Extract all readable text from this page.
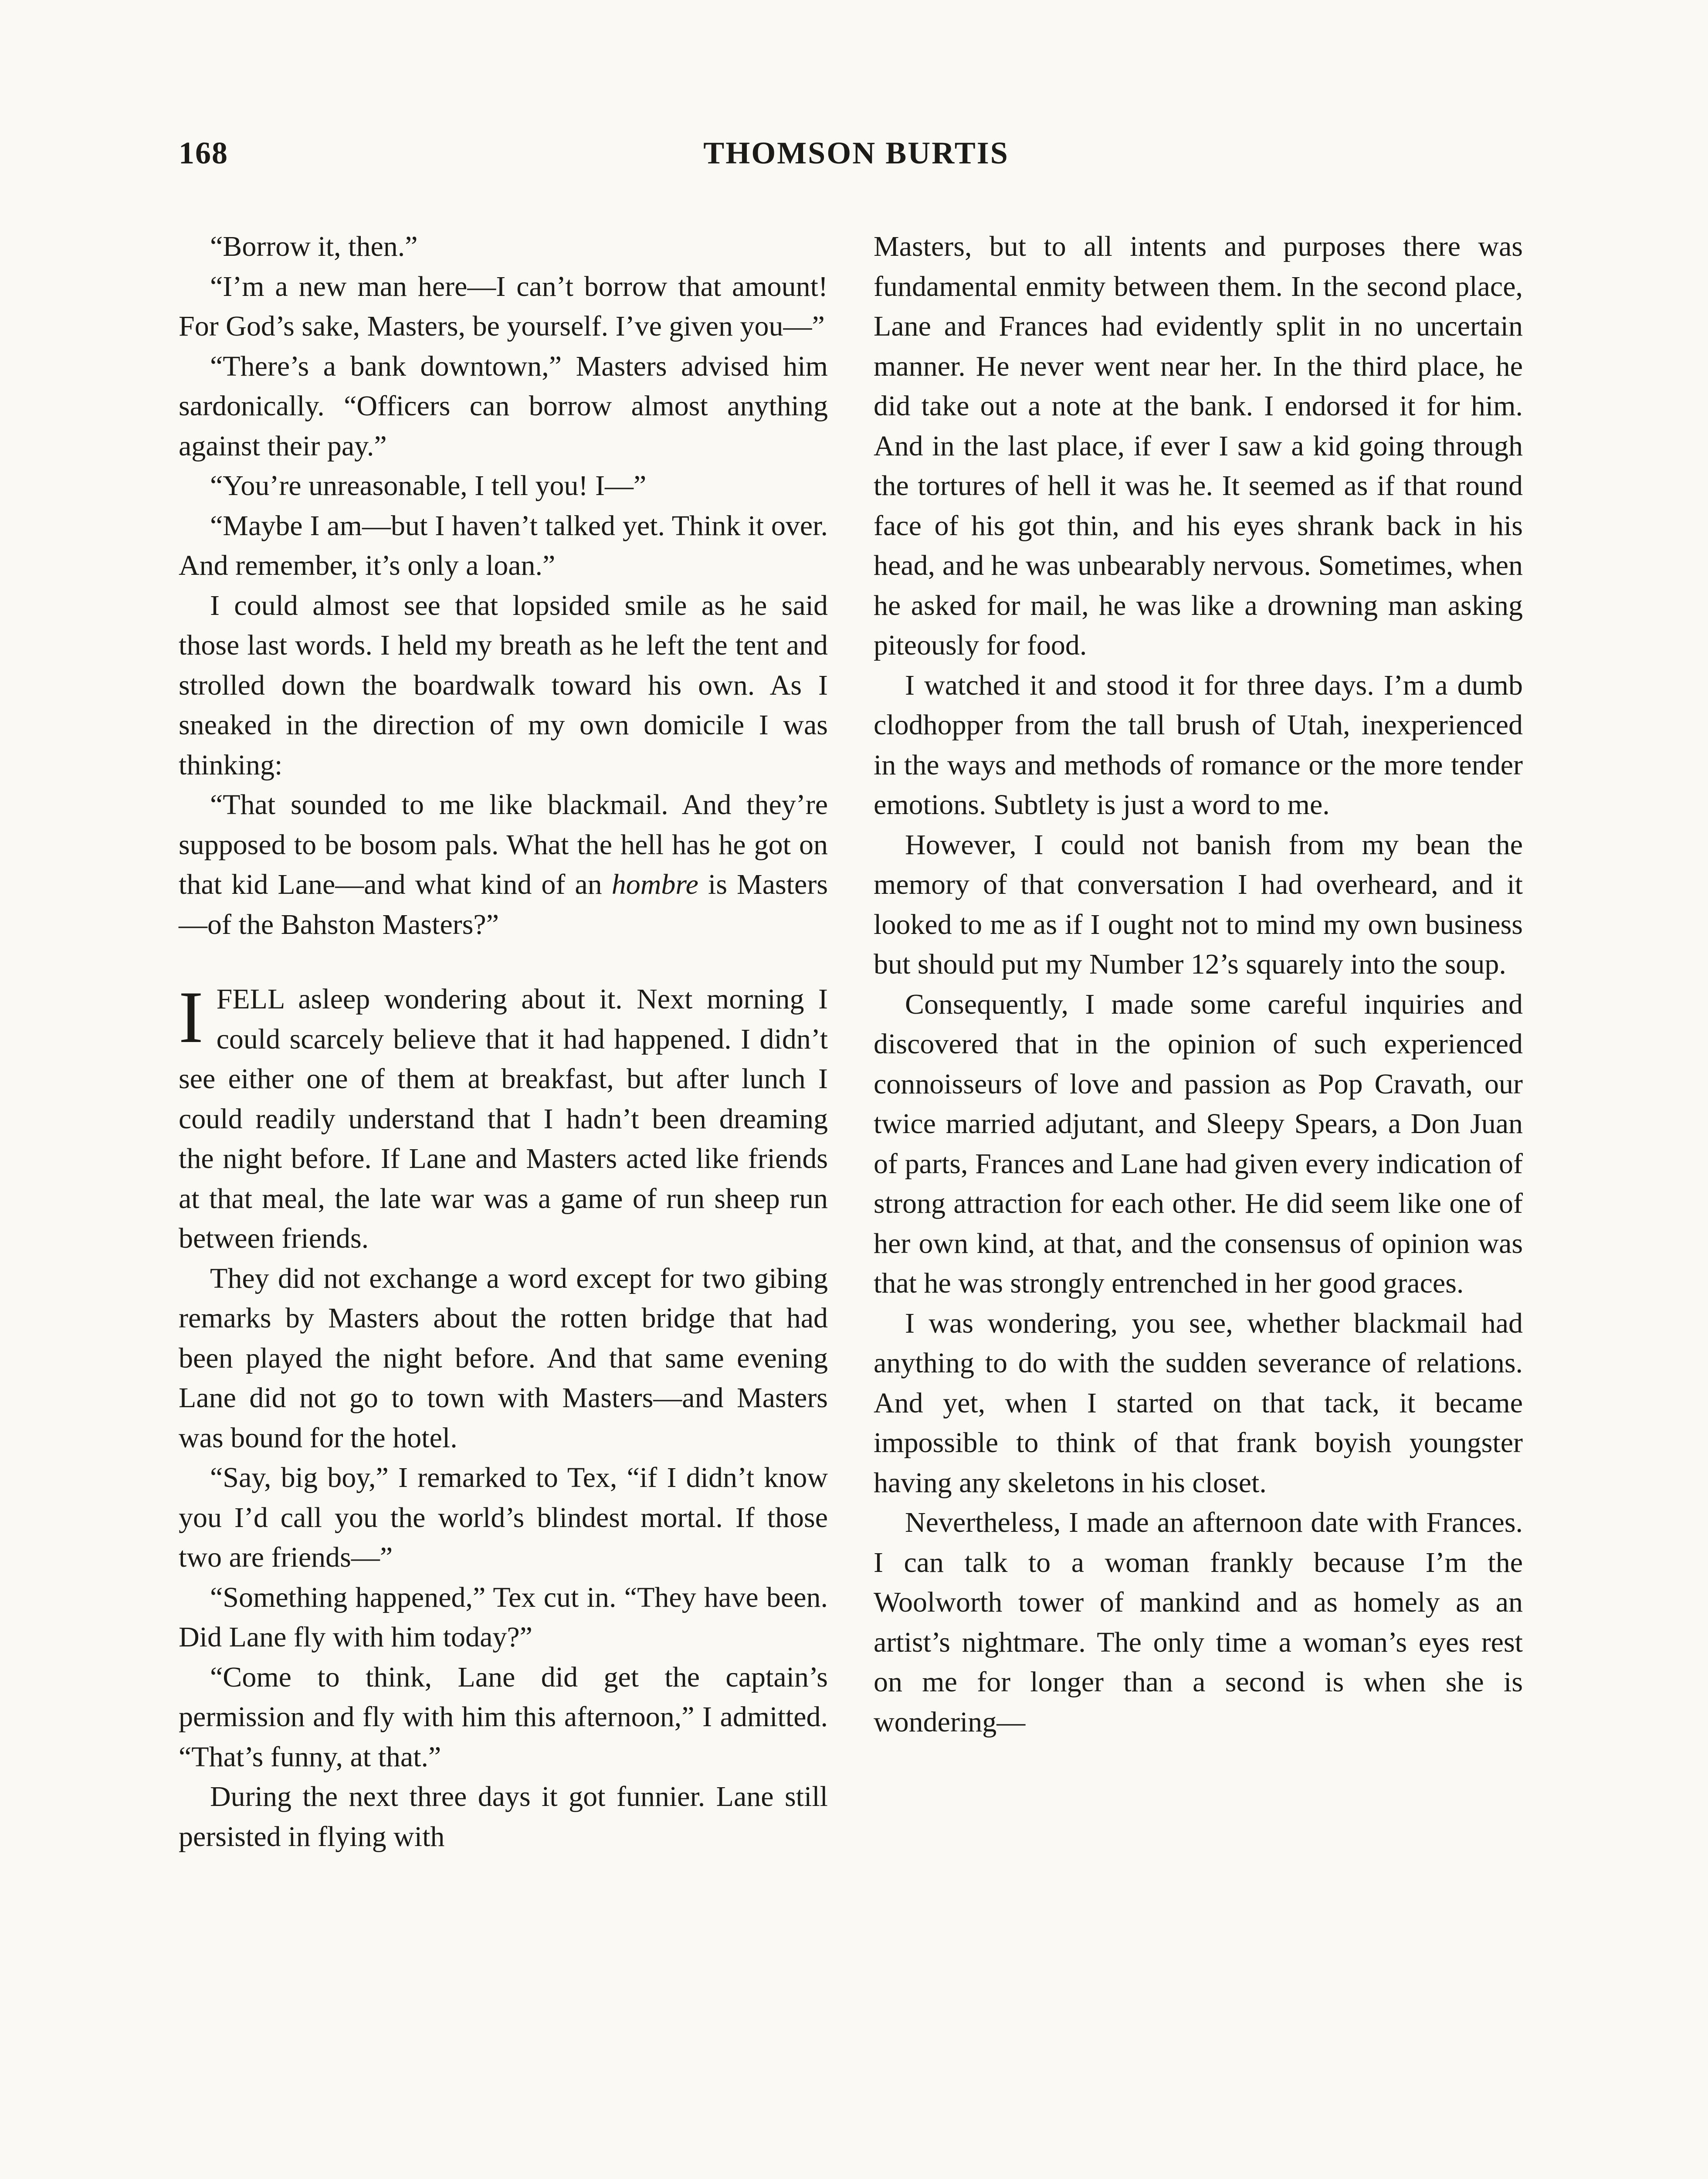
168	THOMSON BURTIS

“Borrow it, then.”

“I’m a new man here—I can’t borrow that amount! For God’s sake, Masters, be yourself. I’ve given you—”

“There’s a bank downtown,” Masters advised him sardonically. “Officers can borrow almost anything against their pay.”

“You’re unreasonable, I tell you! I—”

“Maybe I am—but I haven’t talked yet. Think it over. And remember, it’s only a loan.”

I could almost see that lopsided smile as he said those last words. I held my breath as he left the tent and strolled down the boardwalk toward his own. As I sneaked in the direction of my own domicile I was thinking:

“That sounded to me like blackmail. And they’re supposed to be bosom pals. What the hell has he got on that kid Lane—and what kind of an hombre is Masters—of the Bahston Masters?”

IFELL asleep wondering about it. Next morning I could scarcely believe that it had happened. I didn’t see either one of them at breakfast, but after lunch I could readily understand that I hadn’t been dreaming the night before. If Lane and Masters acted like friends at that meal, the late war was a game of run sheep run between friends.

They did not exchange a word except for two gibing remarks by Masters about the rotten bridge that had been played the night before. And that same evening Lane did not go to town with Masters—and Masters was bound for the hotel.

“Say, big boy,” I remarked to Tex, “if I didn’t know you I’d call you the world’s blindest mortal. If those two are friends—”

“Something happened,” Tex cut in. “They have been. Did Lane fly with him today?”

“Come to think, Lane did get the captain’s permission and fly with him this afternoon,” I admitted. “That’s funny, at that.”

During the next three days it got funnier. Lane still persisted in flying with

Masters, but to all intents and purposes there was fundamental enmity between them. In the second place, Lane and Frances had evidently split in no uncertain manner. He never went near her. In the third place, he did take out a note at the bank. I endorsed it for him. And in the last place, if ever I saw a kid going through the tortures of hell it was he. It seemed as if that round face of his got thin, and his eyes shrank back in his head, and he was unbearably nervous. Sometimes, when he asked for mail, he was like a drowning man asking piteously for food.

I watched it and stood it for three days. I’m a dumb clodhopper from the tall brush of Utah, inexperienced in the ways and methods of romance or the more tender emotions. Subtlety is just a word to me.

However, I could not banish from my bean the memory of that conversation I had overheard, and it looked to me as if I ought not to mind my own business but should put my Number 12’s squarely into the soup.

Consequently, I made some careful inquiries and discovered that in the opinion of such experienced connoisseurs of love and passion as Pop Cravath, our twice married adjutant, and Sleepy Spears, a Don Juan of parts, Frances and Lane had given every indication of strong attraction for each other. He did seem like one of her own kind, at that, and the consensus of opinion was that he was strongly entrenched in her good graces.

I was wondering, you see, whether blackmail had anything to do with the sudden severance of relations. And yet, when I started on that tack, it became impossible to think of that frank boyish youngster having any skeletons in his closet.

Nevertheless, I made an afternoon date with Frances. I can talk to a woman frankly because I’m the Woolworth tower of mankind and as homely as an artist’s nightmare. The only time a woman’s eyes rest on me for longer than a second is when she is wondering—
